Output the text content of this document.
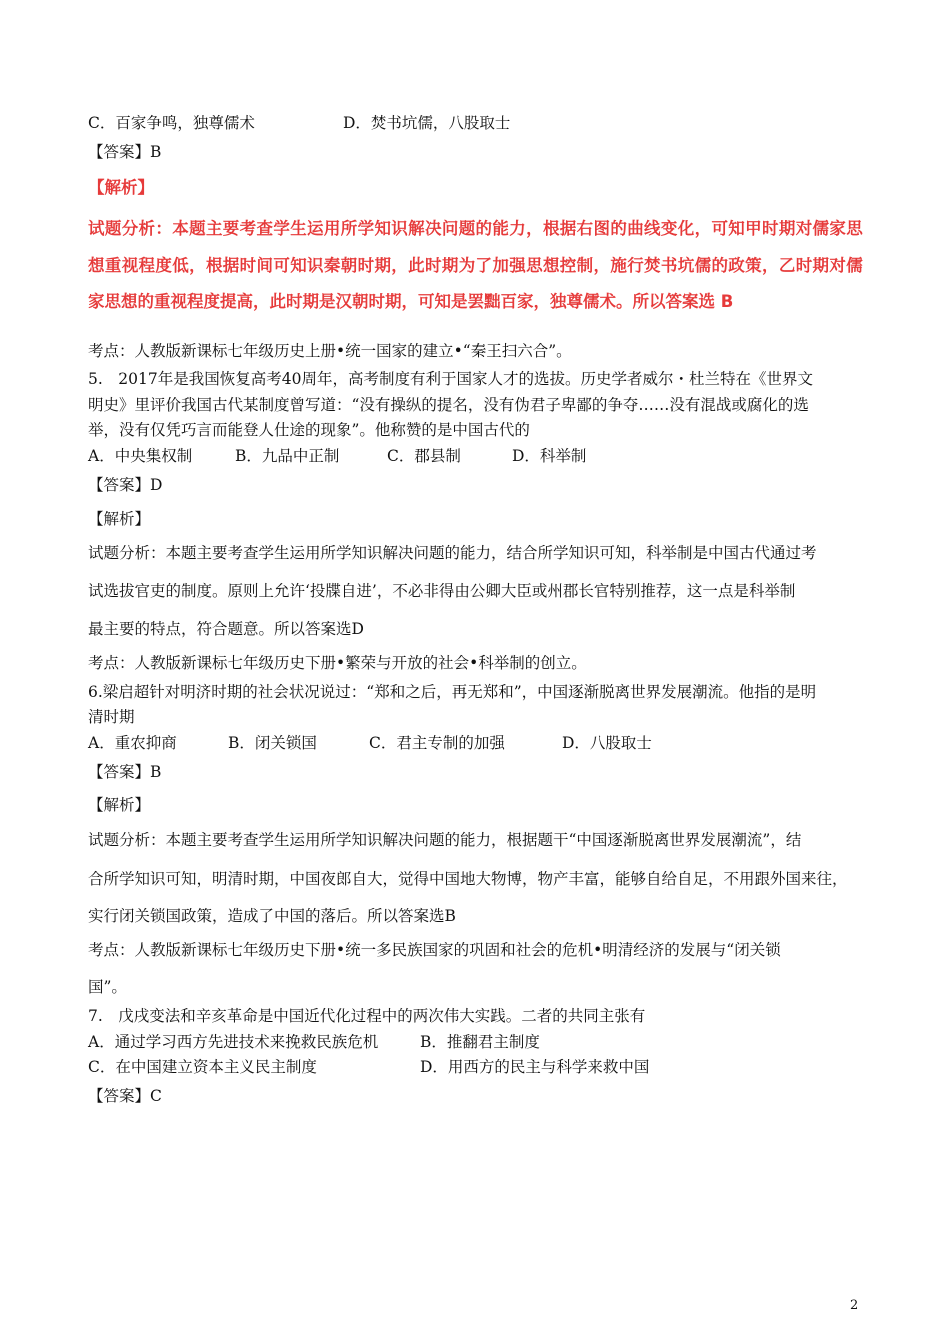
C．百家争鸣，独尊儒术	D．焚书坑儒，八股取士
【答案】B
【解析】
试题分析：本题主要考查学生运用所学知识解决问题的能力，根据右图的曲线变化，可知甲时期对儒家思
想重视程度低，根据时间可知识秦朝时期，此时期为了加强思想控制，施行焚书坑儒的政策，乙时期对儒
家思想的重视程度提高，此时期是汉朝时期，可知是罢黜百家，独尊儒术。所以答案选 B
考点：人教版新课标七年级历史上册•统一国家的建立•“秦王扫六合”。
5.　2017年是我国恢复高考40周年，高考制度有利于国家人才的选拔。历史学者威尔・杜兰特在《世界文
明史》里评价我国古代某制度曾写道：“没有操纵的提名，没有伪君子卑鄙的争夺……没有混战或腐化的选
举，没有仅凭巧言而能登人仕途的现象”。他称赞的是中国古代的
A．中央集权制	B．九品中正制	C．郡县制	D．科举制
【答案】D
【解析】
试题分析：本题主要考查学生运用所学知识解决问题的能力，结合所学知识可知，科举制是中国古代通过考
试选拔官吏的制度。原则上允许‘投牒自进’，不必非得由公卿大臣或州郡长官特别推荐，这一点是科举制
最主要的特点，符合题意。所以答案选D
考点：人教版新课标七年级历史下册•繁荣与开放的社会•科举制的创立。
6.梁启超针对明济时期的社会状况说过：“郑和之后，再无郑和”，中国逐渐脱离世界发展潮流。他指的是明
清时期
A．重农抑商	B．闭关锁国	C．君主专制的加强	D．八股取士
【答案】B
【解析】
试题分析：本题主要考查学生运用所学知识解决问题的能力，根据题干“中国逐渐脱离世界发展潮流”，结
合所学知识可知，明清时期，中国夜郎自大，觉得中国地大物博，物产丰富，能够自给自足，不用跟外国来往，
实行闭关锁国政策，造成了中国的落后。所以答案选B
考点：人教版新课标七年级历史下册•统一多民族国家的巩固和社会的危机•明清经济的发展与“闭关锁
国”。
7.　戊戌变法和辛亥革命是中国近代化过程中的两次伟大实践。二者的共同主张有
A．通过学习西方先进技术来挽救民族危机	B．推翻君主制度
C．在中国建立资本主义民主制度	D．用西方的民主与科学来救中国
【答案】C
2
